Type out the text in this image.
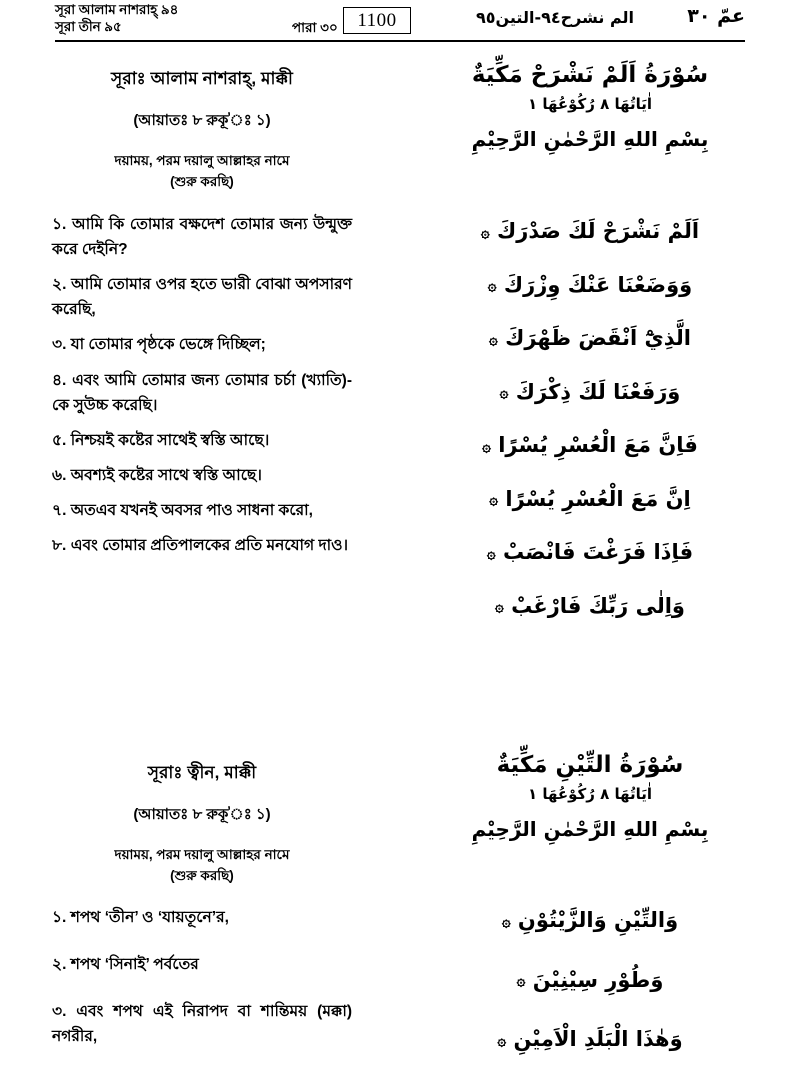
সূরা আলাম নাশরাহ্ ৯৪
সূরা তীন ৯৫	পারা ৩০ 1100	الم نشرح٩٤-التين٩٥	عمّ ٣٠
সূরাঃ আলাম নাশরাহ্, মাক্কী
(আয়াতঃ ৮ রুকূ'ঃ ১)
দয়াময়, পরম দয়ালু আল্লাহর নামে
(শুরু করছি)
سُوْرَةُ اَلَمْ نَشْرَحْ مَكِّيَةٌ
اٰيَاتُهَا ٨ رُكُوْعُهَا ١
بِسْمِ اللهِ الرَّحْمٰنِ الرَّحِيْمِ
১. আমি কি তোমার বক্ষদেশ তোমার জন্য উন্মুক্ত করে দেইনি?
২. আমি তোমার ওপর হতে ভারী বোঝা অপসারণ করেছি,
৩. যা তোমার পৃষ্ঠকে ভেঙ্গে দিচ্ছিল;
৪. এবং আমি তোমার জন্য তোমার চর্চা (খ্যাতি)-কে সুউচ্চ করেছি।
৫. নিশ্চয়ই কষ্টের সাথেই স্বস্তি আছে।
৬. অবশ্যই কষ্টের সাথে স্বস্তি আছে।
৭. অতএব যখনই অবসর পাও সাধনা করো,
৮. এবং তোমার প্রতিপালকের প্রতি মনযোগ দাও।
اَلَمْ نَشْرَحْ لَكَ صَدْرَكَ ۞
وَوَضَعْنَا عَنْكَ وِزْرَكَ ۞
الَّذِيْٓ اَنْقَضَ ظَهْرَكَ ۞
وَرَفَعْنَا لَكَ ذِكْرَكَ ۞
فَاِنَّ مَعَ الْعُسْرِ يُسْرًا ۞
اِنَّ مَعَ الْعُسْرِ يُسْرًا ۞
فَاِذَا فَرَغْتَ فَانْصَبْ ۞
وَاِلٰى رَبِّكَ فَارْغَبْ ۞
সূরাঃ ত্বীন, মাক্কী
(আয়াতঃ ৮ রুকূ'ঃ ১)
দয়াময়, পরম দয়ালু আল্লাহর নামে
(শুরু করছি)
سُوْرَةُ التِّيْنِ مَكِّيَةٌ
اٰيَاتُهَا ٨ رُكُوْعُهَا ١
بِسْمِ اللهِ الرَّحْمٰنِ الرَّحِيْمِ
১. শপথ ‘তীন’ ও ‘যায়তূনে’র,
২. শপথ ‘সিনাই’ পর্বতের
৩. এবং শপথ এই নিরাপদ বা শান্তিময় (মক্কা) নগরীর,
وَالتِّيْنِ وَالزَّيْتُوْنِ ۞
وَطُوْرِ سِيْنِيْنَ ۞
وَهٰذَا الْبَلَدِ الْاَمِيْنِ ۞
